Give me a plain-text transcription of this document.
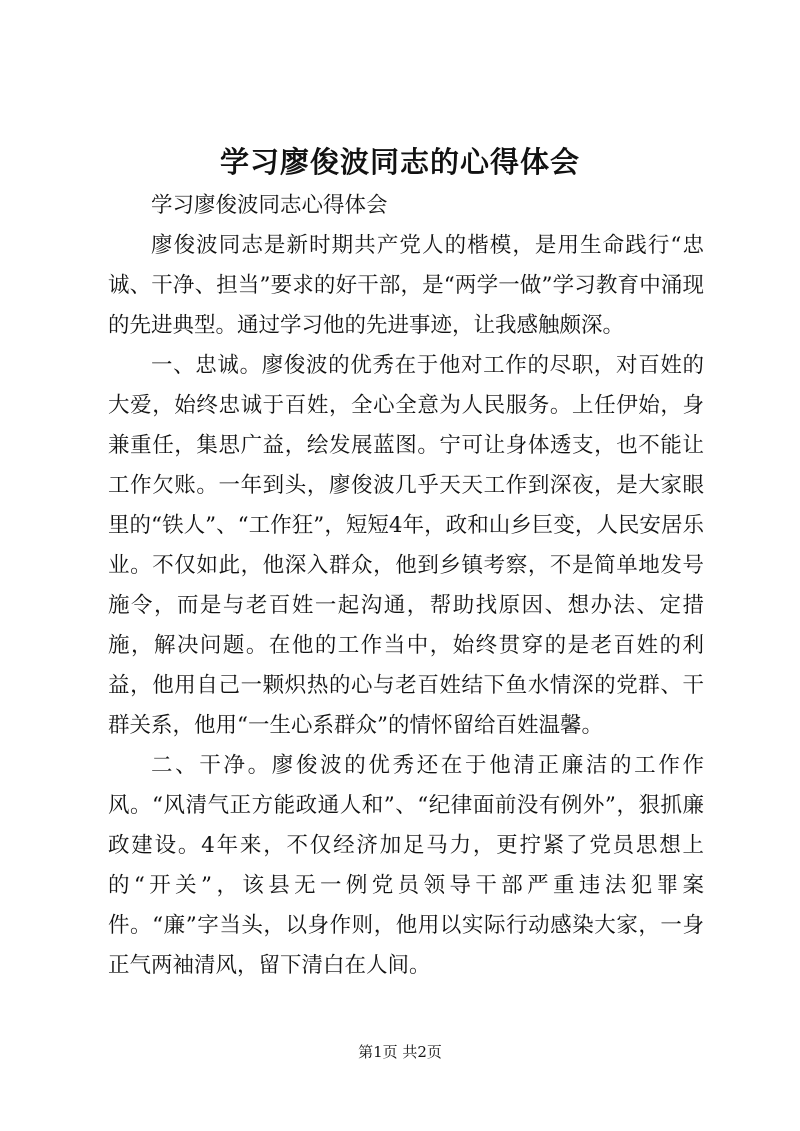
学习廖俊波同志的心得体会

学习廖俊波同志心得体会

廖俊波同志是新时期共产党人的楷模，是用生命践行“忠诚、干净、担当”要求的好干部，是“两学一做”学习教育中涌现的先进典型。通过学习他的先进事迹，让我感触颇深。

一、忠诚。廖俊波的优秀在于他对工作的尽职，对百姓的大爱，始终忠诚于百姓，全心全意为人民服务。上任伊始，身兼重任，集思广益，绘发展蓝图。宁可让身体透支，也不能让工作欠账。一年到头，廖俊波几乎天天工作到深夜，是大家眼里的“铁人”、“工作狂”，短短4年，政和山乡巨变，人民安居乐业。不仅如此，他深入群众，他到乡镇考察，不是简单地发号施令，而是与老百姓一起沟通，帮助找原因、想办法、定措施，解决问题。在他的工作当中，始终贯穿的是老百姓的利益，他用自己一颗炽热的心与老百姓结下鱼水情深的党群、干群关系，他用“一生心系群众”的情怀留给百姓温馨。

二、干净。廖俊波的优秀还在于他清正廉洁的工作作风。“风清气正方能政通人和”、“纪律面前没有例外”，狠抓廉政建设。4年来，不仅经济加足马力，更拧紧了党员思想上的“开关”，该县无一例党员领导干部严重违法犯罪案件。“廉”字当头，以身作则，他用以实际行动感染大家，一身正气两袖清风，留下清白在人间。

第1页 共2页
